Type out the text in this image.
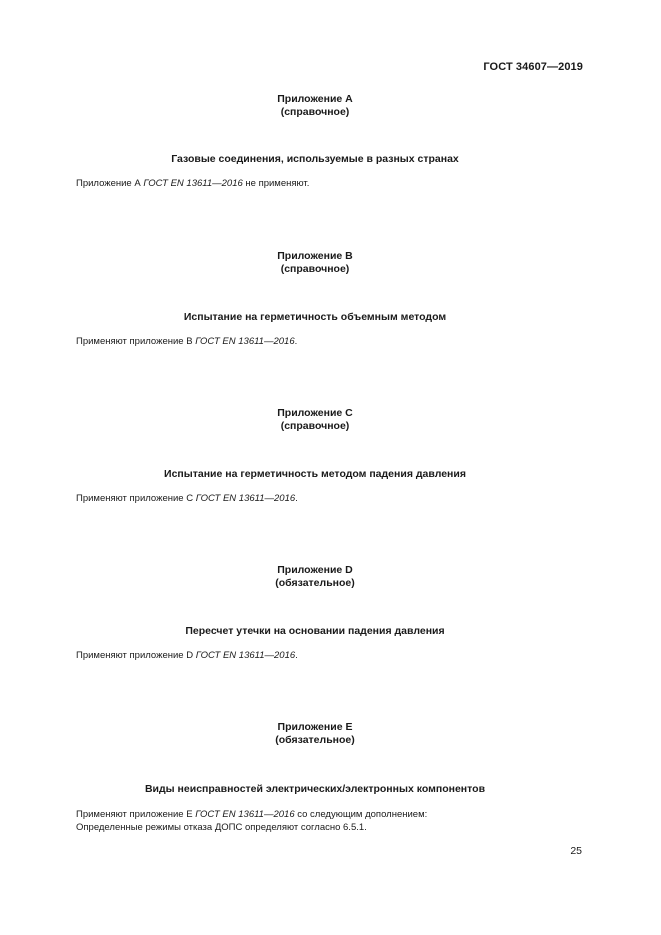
ГОСТ 34607—2019
Приложение А
(справочное)
Газовые соединения, используемые в разных странах
Приложение А ГОСТ EN 13611—2016 не применяют.
Приложение В
(справочное)
Испытание на герметичность объемным методом
Применяют приложение В ГОСТ EN 13611—2016.
Приложение С
(справочное)
Испытание на герметичность методом падения давления
Применяют приложение С ГОСТ EN 13611—2016.
Приложение D
(обязательное)
Пересчет утечки на основании падения давления
Применяют приложение D ГОСТ EN 13611—2016.
Приложение Е
(обязательное)
Виды неисправностей электрических/электронных компонентов
Применяют приложение Е ГОСТ EN 13611—2016 со следующим дополнением:
Определенные режимы отказа ДОПС определяют согласно 6.5.1.
25
